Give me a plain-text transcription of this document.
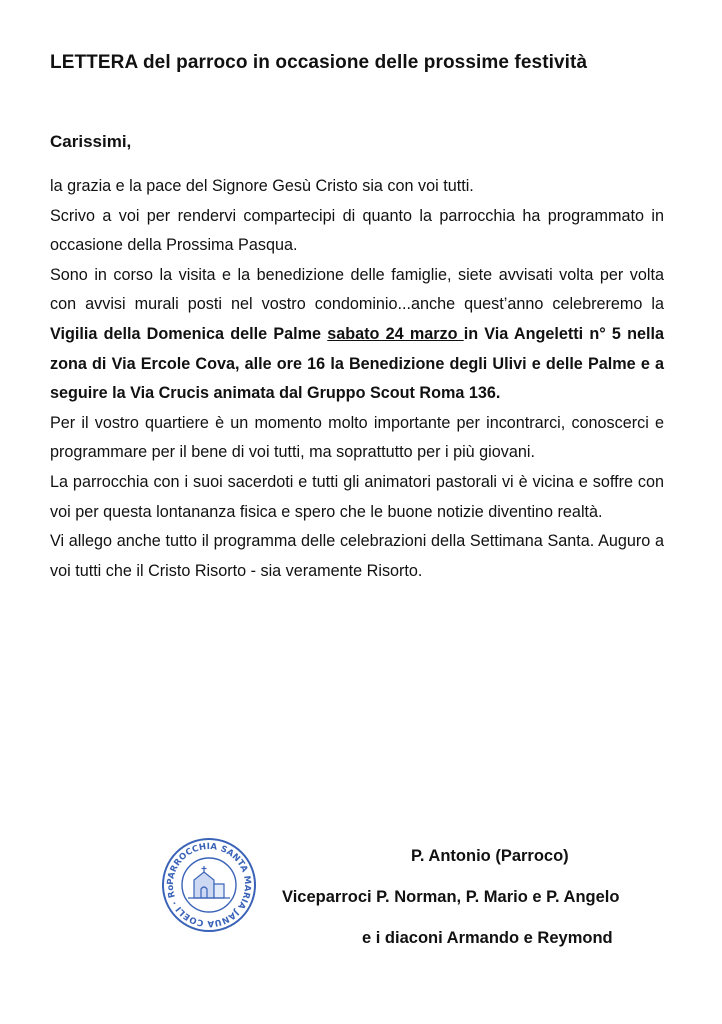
LETTERA del parroco in occasione delle prossime festività
Carissimi,

la grazia e la pace del Signore Gesù Cristo sia con voi tutti.

Scrivo a voi per rendervi compartecipi di quanto la parrocchia ha programmato in occasione della Prossima Pasqua.

Sono in corso la visita e la benedizione delle famiglie, siete avvisati volta per volta con avvisi murali posti nel vostro condominio...anche quest’anno celebreremo la Vigilia della Domenica delle Palme sabato 24 marzo in Via Angeletti n° 5 nella zona di Via Ercole Cova, alle ore 16 la Benedizione degli Ulivi e delle Palme e a seguire la Via Crucis animata dal Gruppo Scout Roma 136.

Per il vostro quartiere è un momento molto importante per incontrarci, conoscerci e programmare per il bene di voi tutti, ma soprattutto per i più giovani.

La parrocchia con i suoi sacerdoti e tutti gli animatori pastorali vi è vicina e soffre con voi per questa lontananza fisica e spero che le buone notizie diventino realtà.

Vi allego anche tutto il programma delle celebrazioni della Settimana Santa. Auguro a voi tutti che il Cristo Risorto - sia veramente Risorto.

PARROCCHIA SANTA MARIA JANUA COELI · Ro
P. Antonio (Parroco)
Viceparroci P. Norman, P. Mario e P. Angelo
e i diaconi Armando e Reymond
